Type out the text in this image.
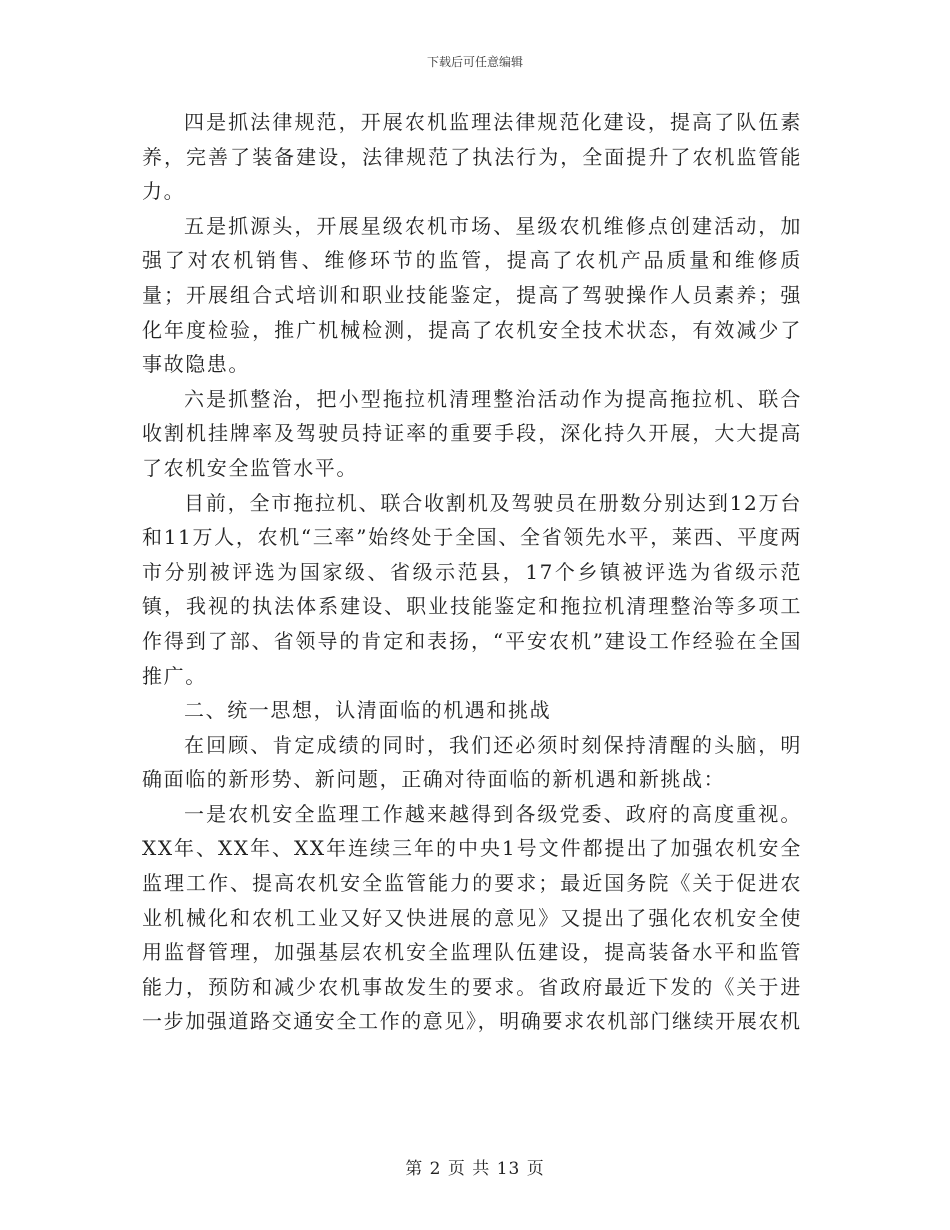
下载后可任意编辑

四是抓法律规范，开展农机监理法律规范化建设，提高了队伍素养，完善了装备建设，法律规范了执法行为，全面提升了农机监管能力。

五是抓源头，开展星级农机市场、星级农机维修点创建活动，加强了对农机销售、维修环节的监管，提高了农机产品质量和维修质量；开展组合式培训和职业技能鉴定，提高了驾驶操作人员素养；强化年度检验，推广机械检测，提高了农机安全技术状态，有效减少了事故隐患。

六是抓整治，把小型拖拉机清理整治活动作为提高拖拉机、联合收割机挂牌率及驾驶员持证率的重要手段，深化持久开展，大大提高了农机安全监管水平。

目前，全市拖拉机、联合收割机及驾驶员在册数分别达到12万台和11万人，农机“三率”始终处于全国、全省领先水平，莱西、平度两市分别被评选为国家级、省级示范县，17个乡镇被评选为省级示范镇，我视的执法体系建设、职业技能鉴定和拖拉机清理整治等多项工作得到了部、省领导的肯定和表扬，“平安农机”建设工作经验在全国推广。

二、统一思想，认清面临的机遇和挑战

在回顾、肯定成绩的同时，我们还必须时刻保持清醒的头脑，明确面临的新形势、新问题，正确对待面临的新机遇和新挑战：

一是农机安全监理工作越来越得到各级党委、政府的高度重视。XX年、XX年、XX年连续三年的中央1号文件都提出了加强农机安全监理工作、提高农机安全监管能力的要求；最近国务院《关于促进农业机械化和农机工业又好又快进展的意见》又提出了强化农机安全使用监督管理，加强基层农机安全监理队伍建设，提高装备水平和监管能力，预防和减少农机事故发生的要求。省政府最近下发的《关于进一步加强道路交通安全工作的意见》，明确要求农机部门继续开展农机

第 2 页 共 13 页
